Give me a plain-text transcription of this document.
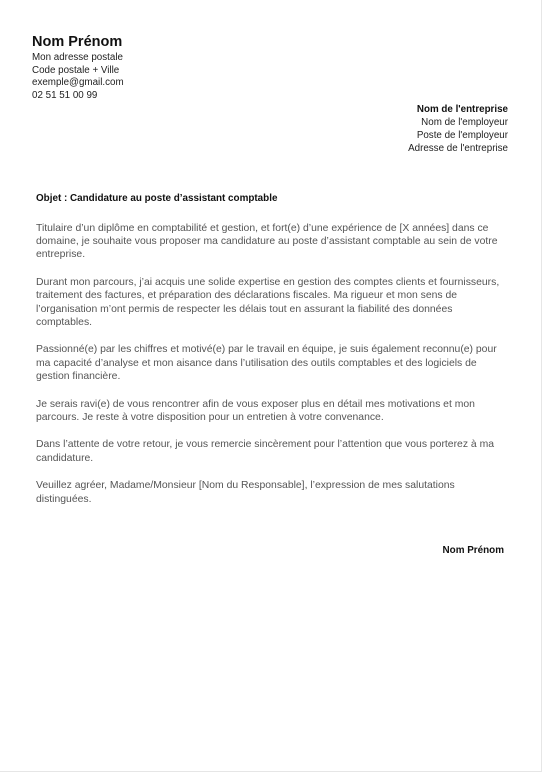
Nom Prénom
Mon adresse postale
Code postale + Ville
exemple@gmail.com
02 51 51 00 99
Nom de l'entreprise
Nom de l'employeur
Poste de l'employeur
Adresse de l'entreprise
Objet : Candidature au poste d’assistant comptable

Titulaire d’un diplôme en comptabilité et gestion, et fort(e) d’une expérience de [X années] dans ce domaine, je souhaite vous proposer ma candidature au poste d’assistant comptable au sein de votre entreprise.

Durant mon parcours, j’ai acquis une solide expertise en gestion des comptes clients et fournisseurs, traitement des factures, et préparation des déclarations fiscales. Ma rigueur et mon sens de l’organisation m’ont permis de respecter les délais tout en assurant la fiabilité des données comptables.

Passionné(e) par les chiffres et motivé(e) par le travail en équipe, je suis également reconnu(e) pour ma capacité d’analyse et mon aisance dans l’utilisation des outils comptables et des logiciels de gestion financière.

Je serais ravi(e) de vous rencontrer afin de vous exposer plus en détail mes motivations et mon parcours. Je reste à votre disposition pour un entretien à votre convenance.

Dans l’attente de votre retour, je vous remercie sincèrement pour l’attention que vous porterez à ma candidature.

Veuillez agréer, Madame/Monsieur [Nom du Responsable], l’expression de mes salutations distinguées.

Nom Prénom
